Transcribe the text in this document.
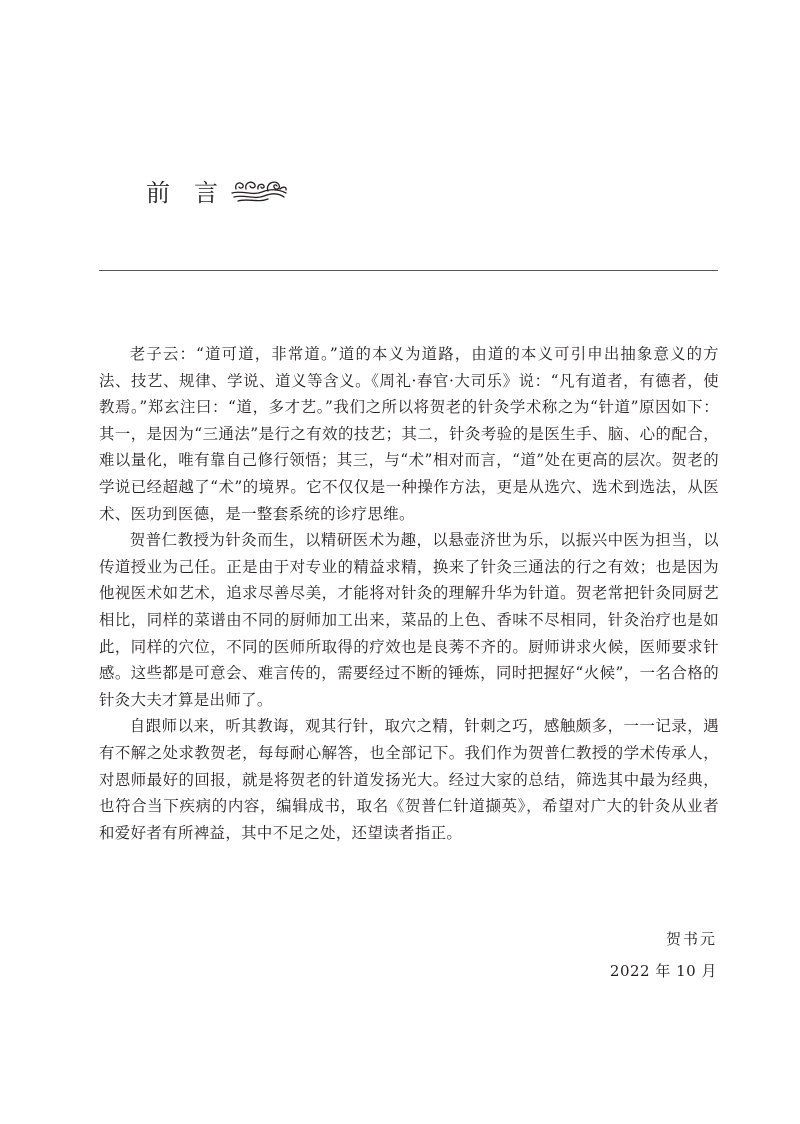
前 言

老子云：“道可道，非常道。”道的本义为道路，由道的本义可引申出抽象意义的方法、技艺、规律、学说、道义等含义。《周礼·春官·大司乐》说：“凡有道者，有德者，使教焉。”郑玄注曰：“道，多才艺。”我们之所以将贺老的针灸学术称之为“针道”原因如下：其一，是因为“三通法”是行之有效的技艺；其二，针灸考验的是医生手、脑、心的配合，难以量化，唯有靠自己修行领悟；其三，与“术”相对而言，“道”处在更高的层次。贺老的学说已经超越了“术”的境界。它不仅仅是一种操作方法，更是从选穴、选术到选法，从医术、医功到医德，是一整套系统的诊疗思维。

贺普仁教授为针灸而生，以精研医术为趣，以悬壶济世为乐，以振兴中医为担当，以传道授业为己任。正是由于对专业的精益求精，换来了针灸三通法的行之有效；也是因为他视医术如艺术，追求尽善尽美，才能将对针灸的理解升华为针道。贺老常把针灸同厨艺相比，同样的菜谱由不同的厨师加工出来，菜品的上色、香味不尽相同，针灸治疗也是如此，同样的穴位，不同的医师所取得的疗效也是良莠不齐的。厨师讲求火候，医师要求针感。这些都是可意会、难言传的，需要经过不断的锤炼，同时把握好“火候”，一名合格的针灸大夫才算是出师了。

自跟师以来，听其教诲，观其行针，取穴之精，针刺之巧，感触颇多，一一记录，遇有不解之处求教贺老，每每耐心解答，也全部记下。我们作为贺普仁教授的学术传承人，对恩师最好的回报，就是将贺老的针道发扬光大。经过大家的总结，筛选其中最为经典，也符合当下疾病的内容，编辑成书，取名《贺普仁针道撷英》，希望对广大的针灸从业者和爱好者有所裨益，其中不足之处，还望读者指正。

贺书元
2022 年 10 月
